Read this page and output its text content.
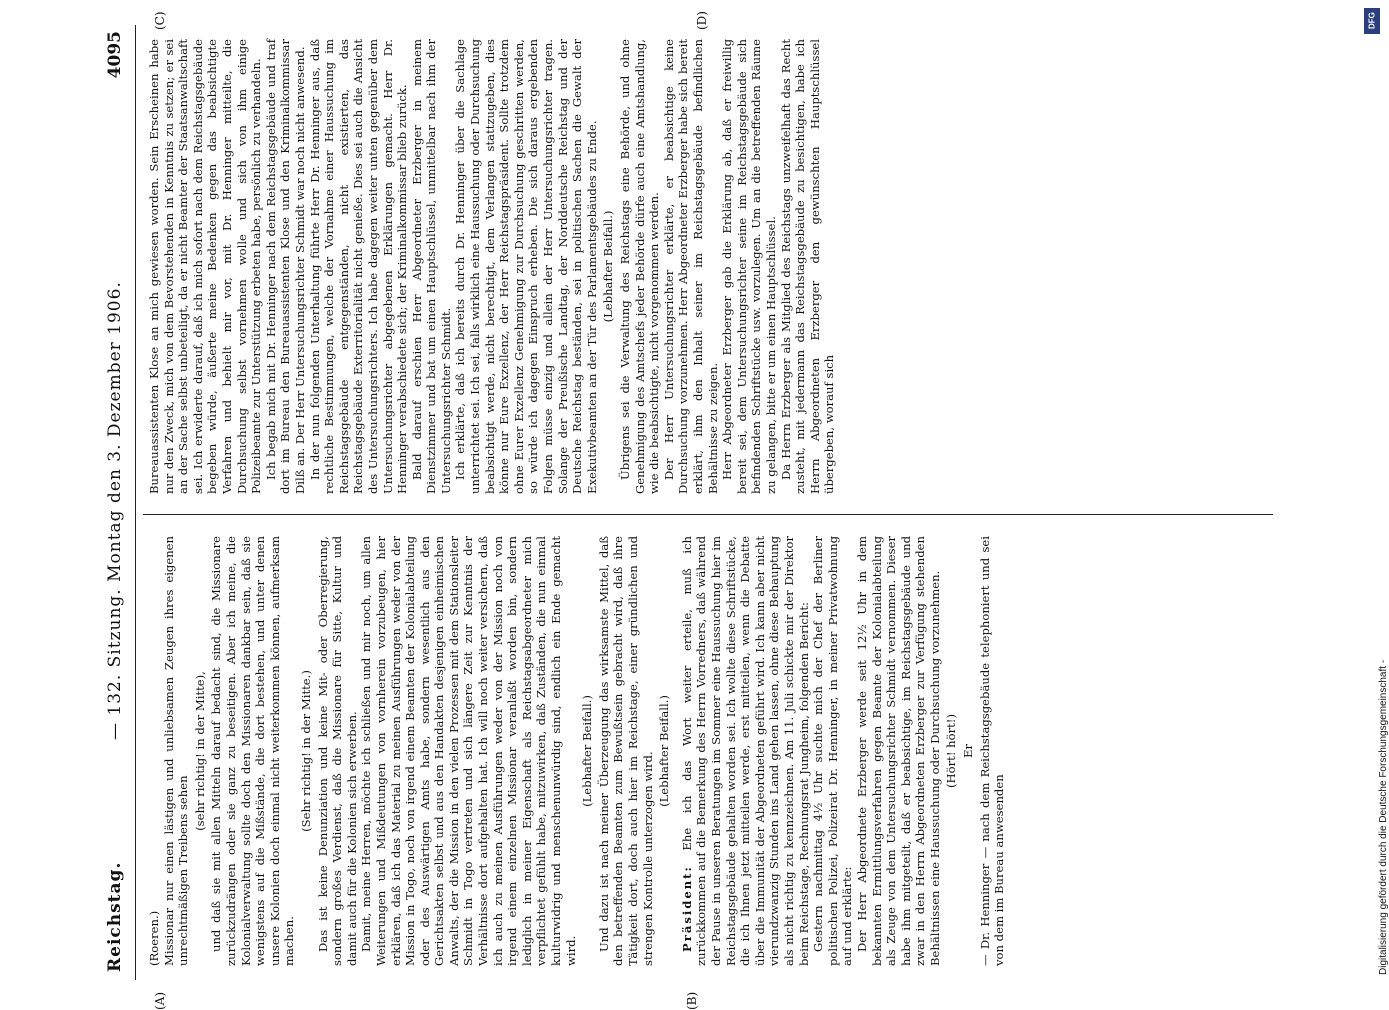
Reichstag.
— 132. Sitzung. Montag den 3. Dezember 1906.
4095
(A)	(B)
(C)	(D)

(Roeren.) Missionar nur einen lästigen und unliebsamen Zeugen ihres eigenen unrechtmäßigen Treibens sehen

(sehr richtig! in der Mitte), und daß sie mit allen Mitteln darauf bedacht sind, die Missionare zurückzudrängen oder sie ganz zu beseitigen. Aber ich meine, die Kolonialverwaltung sollte doch den Missionaren dankbar sein, daß sie wenigstens auf die Mißstände, die dort bestehen, und unter denen unsere Kolonien doch einmal nicht weiterkommen können, aufmerksam machen.

(Sehr richtig! in der Mitte.) Das ist keine Denunziation und keine Mit- oder Oberregierung, sondern großes Verdienst, daß die Missionare für Sitte, Kultur und damit auch für die Kolonien sich erwerben. Damit, meine Herren, möchte ich schließen und mir noch, um allen Weiterungen und Mißdeutungen von vornherein vorzubeugen, hier erklären, daß ich das Material zu meinen Ausführungen weder von der Mission in Togo, noch von irgend einem Beamten der Kolonialabteilung oder des Auswärtigen Amts habe, sondern wesentlich aus den Gerichtsakten selbst und aus den Handakten desjenigen einheimischen Anwalts, der die Mission in den vielen Prozessen mit dem Stationsleiter Schmidt in Togo vertreten und sich längere Zeit zur Kenntnis der Verhältnisse dort aufgehalten hat. Ich will noch weiter versichern, daß ich auch zu meinen Ausführungen weder von der Mission noch von irgend einem einzelnen Missionar veranlaßt worden bin, sondern lediglich in meiner Eigenschaft als Reichstagsabgeordneter mich verpflichtet gefühlt habe, mitzuwirken, daß Zuständen, die nun einmal kulturwidrig und menschenunwürdig sind, endlich ein Ende gemacht wird.

(Lebhafter Beifall.) Und dazu ist nach meiner Überzeugung das wirksamste Mittel, daß den betreffenden Beamten zum Bewußtsein gebracht wird, daß ihre Tätigkeit dort, doch auch hier im Reichstage, einer gründlichen und strengen Kontrolle unterzogen wird.

(Lebhafter Beifall.)

Präsident: Ehe ich das Wort weiter erteile, muß ich zurückkommen auf die Bemerkung des Herrn Vorredners, daß während der Pause in unseren Beratungen im Sommer eine Haussuchung hier im Reichstagsgebäude gehalten worden sei. Ich wollte diese Schriftstücke, die ich Ihnen jetzt mitteilen werde, erst mitteilen, wenn die Debatte über die Immunität der Abgeordneten geführt wird. Ich kann aber nicht vierundzwanzig Stunden ins Land gehen lassen, ohne diese Behauptung als nicht richtig zu kennzeichnen. Am 11. Juli schickte mir der Direktor beim Reichstage, Rechnungsrat Jungheim, folgenden Bericht: Gestern nachmittag 4½ Uhr suchte mich der Chef der Berliner politischen Polizei, Polizeirat Dr. Henninger, in meiner Privatwohnung auf und erklärte: Der Herr Abgeordnete Erzberger werde seit 12½ Uhr in dem bekannten Ermittlungsverfahren gegen Beamte der Kolonialabteilung als Zeuge von dem Untersuchungsrichter Schmidt vernommen. Dieser habe ihm mitgeteilt, daß er beabsichtige, im Reichstagsgebäude und zwar in den Herrn Abgeordneten Erzberger zur Verfügung stehenden Behältnissen eine Haussuchung oder Durchsuchung vorzunehmen. (Hört! hört!) Er — Dr. Henninger — nach dem Reichstagsgebäude telephoniert und sei von dem im Bureau anwesenden

Bureauassistenten Klose an mich gewiesen worden. Sein Erscheinen habe nur den Zweck, mich von dem Bevorstehenden in Kenntnis zu setzen; er sei an der Sache selbst unbeteiligt, da er nicht Beamter der Staatsanwaltschaft sei. Ich erwiderte darauf, daß ich mich sofort nach dem Reichstagsgebäude begeben würde, äußerte meine Bedenken gegen das beabsichtigte Verfahren und behielt mir vor, mit Dr. Henninger mitteilte, die Durchsuchung selbst vornehmen wolle und sich von ihm einige Polizeibeamte zur Unterstützung erbeten habe, persönlich zu verhandeln. Ich begab mich mit Dr. Henninger nach dem Reichstagsgebäude und traf dort im Bureau den Bureauassistenten Klose und den Kriminalkommissar Dilß an. Der Herr Untersuchungsrichter Schmidt war noch nicht anwesend. In der nun folgenden Unterhaltung führte Herr Dr. Henninger aus, daß rechtliche Bestimmungen, welche der Vornahme einer Haussuchung im Reichstagsgebäude entgegenständen, nicht existierten, das Reichstagsgebäude Exterritorialität nicht genieße. Dies sei auch die Ansicht des Untersuchungsrichters. Ich habe dagegen weiter unten gegenüber dem Untersuchungsrichter abgegebenen Erklärungen gemacht. Herr Dr. Henninger verabschiedete sich; der Kriminalkommissar blieb zurück. Bald darauf erschien Herr Abgeordneter Erzberger in meinem Dienstzimmer und bat um einen Hauptschlüssel, unmittelbar nach ihm der Untersuchungsrichter Schmidt. Ich erklärte, daß ich bereits durch Dr. Henninger über die Sachlage unterrichtet sei. Ich sei, falls wirklich eine Haussuchung oder Durchsuchung beabsichtigt werde, nicht berechtigt, dem Verlangen stattzugeben, dies könne nur Eure Exzellenz, der Herr Reichstagspräsident. Sollte trotzdem ohne Eurer Exzellenz Genehmigung zur Durchsuchung geschritten werden, so würde ich dagegen Einspruch erheben. Die sich daraus ergebenden Folgen müsse einzig und allein der Herr Untersuchungsrichter tragen. Solange der Preußische Landtag, der Norddeutsche Reichstag und der Deutsche Reichstag beständen, sei in politischen Sachen die Gewalt der Exekutivbeamten an der Tür des Parlamentsgebäudes zu Ende. (Lebhafter Beifall.) Übrigens sei die Verwaltung des Reichstags eine Behörde, und ohne Genehmigung des Amtschefs jeder Behörde dürfe auch eine Amtshandlung, wie die beabsichtigte, nicht vorgenommen werden. Der Herr Untersuchungsrichter erklärte, er beabsichtige keine Durchsuchung vorzunehmen. Herr Abgeordneter Erzberger habe sich bereit erklärt, ihm den Inhalt seiner im Reichstagsgebäude befindlichen Behältnisse zu zeigen. Herr Abgeordneter Erzberger gab die Erklärung ab, daß er freiwillig bereit sei, dem Untersuchungsrichter seine im Reichstagsgebäude sich befindenden Schriftstücke usw. vorzulegen. Um an die betreffenden Räume zu gelangen, bitte er um einen Hauptschlüssel. Da Herrn Erzberger als Mitglied des Reichstags unzweifelhaft das Recht zusteht, mit jedermann das Reichstagsgebäude zu besichtigen, habe ich Herrn Abgeordneten Erzberger den gewünschten Hauptschlüssel übergeben, worauf sich

DFG
Digitalisierung gefördert durch die Deutsche Forschungsgemeinschaft -
